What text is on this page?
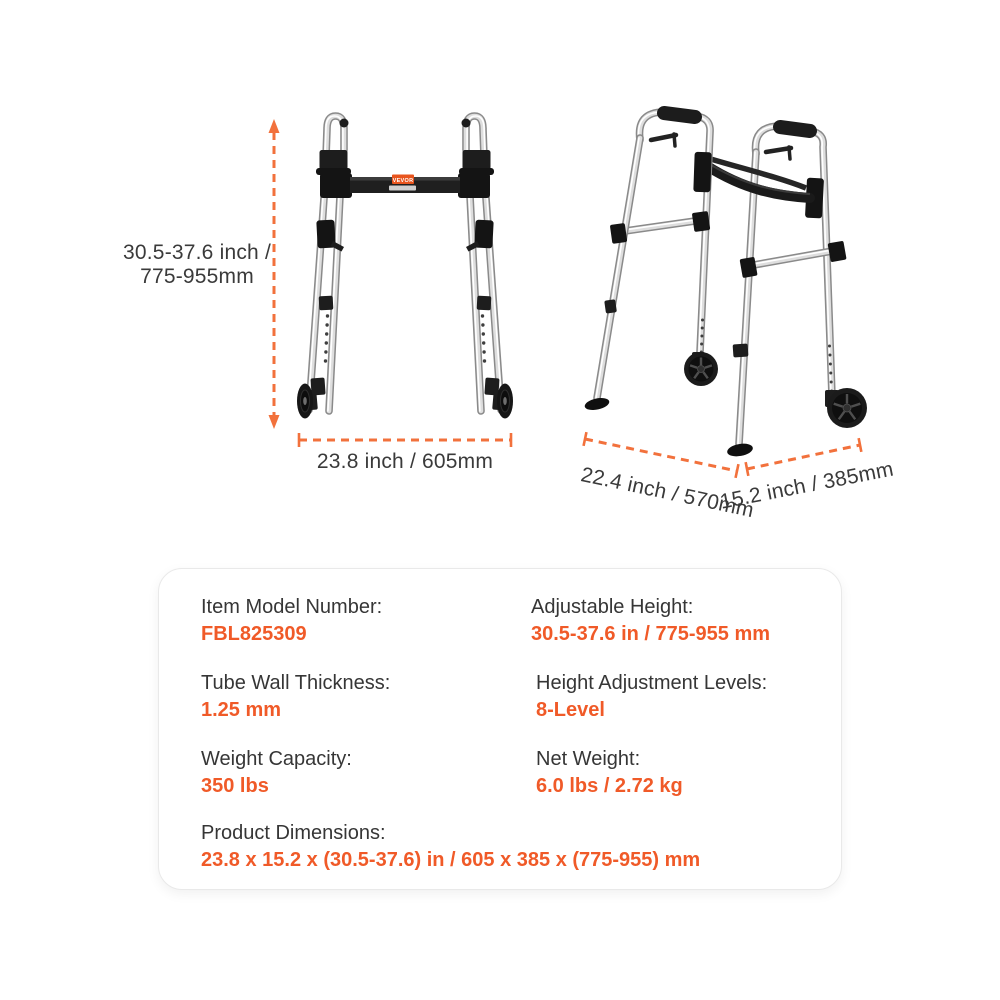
VEVOR
30.5-37.6 inch /
775-955mm
23.8 inch / 605mm
22.4 inch / 570mm
15.2 inch / 385mm
Item Model Number:
FBL825309
Adjustable Height:
30.5-37.6 in / 775-955 mm
Tube Wall Thickness:
1.25 mm
Height Adjustment Levels:
8-Level
Weight Capacity:
350 lbs
Net Weight:
6.0 lbs / 2.72 kg
Product Dimensions:
23.8 x 15.2 x (30.5-37.6) in / 605 x 385 x (775-955) mm
